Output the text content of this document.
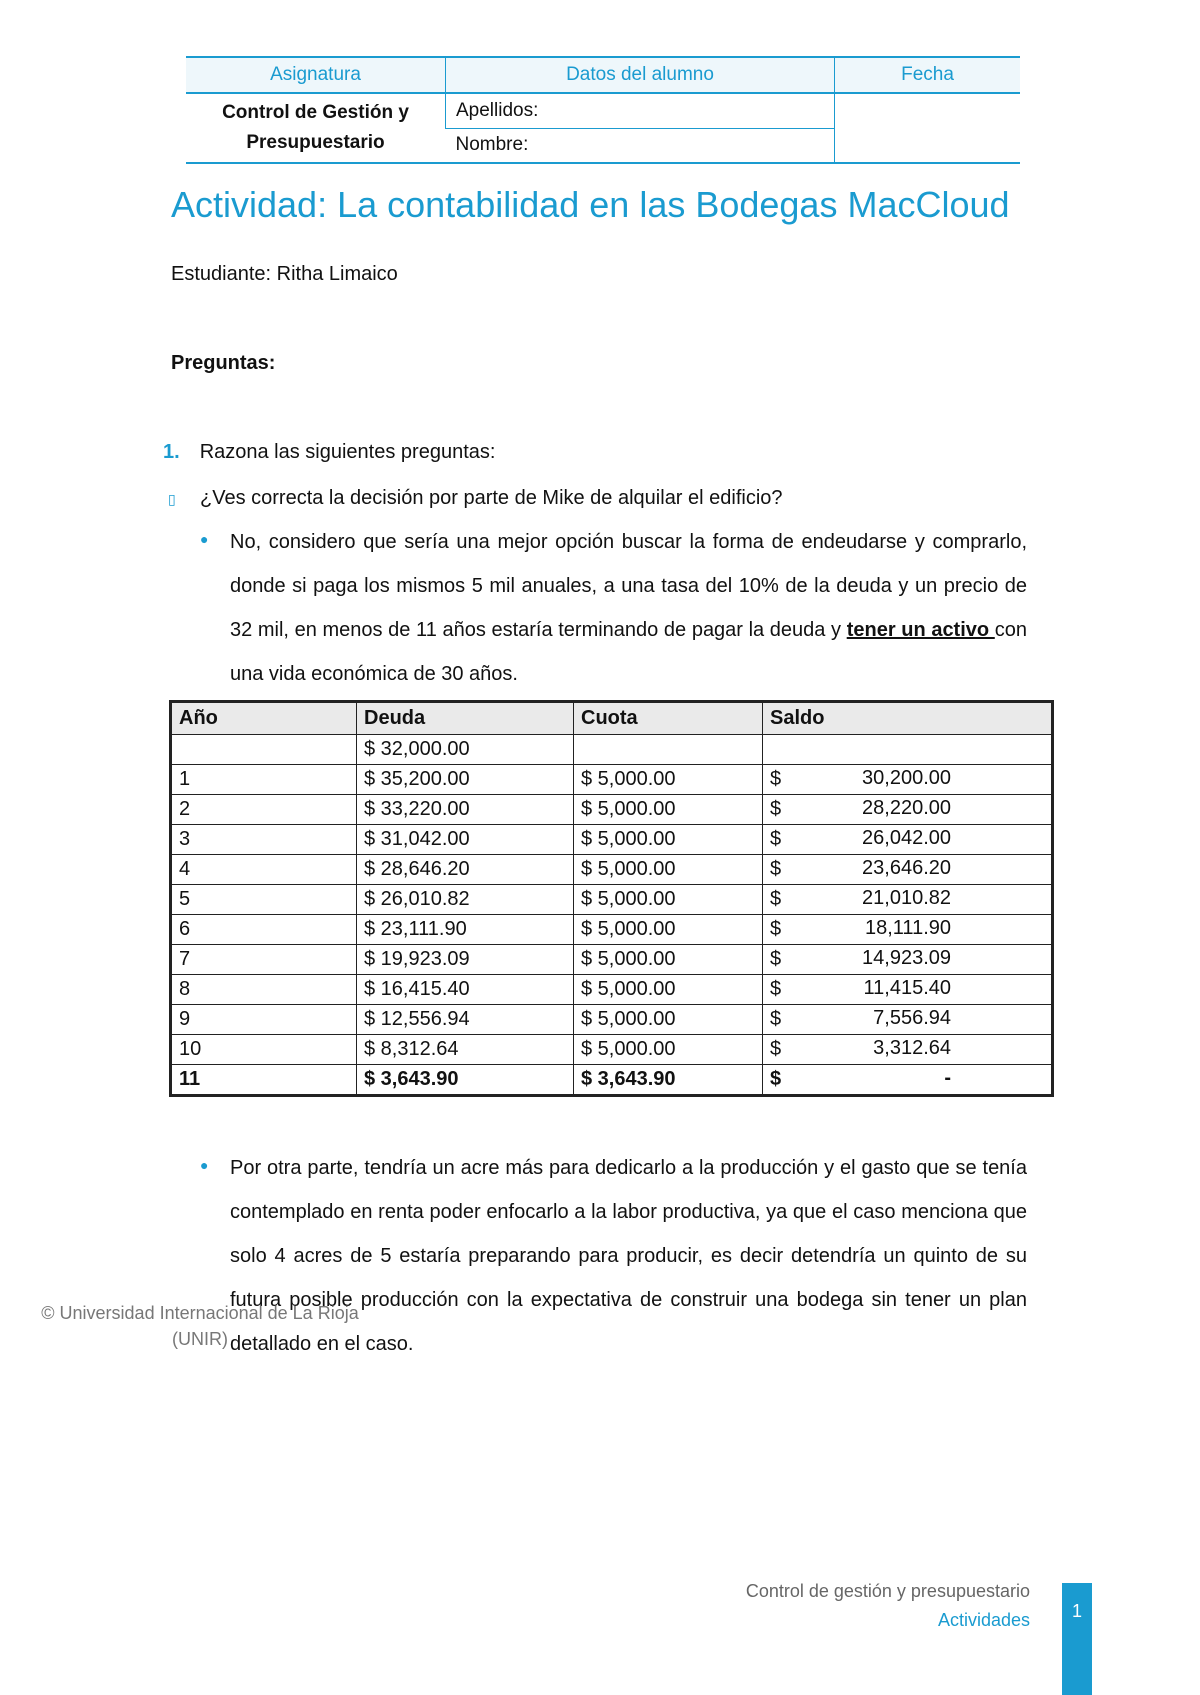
Asignatura	Datos del alumno	Fecha
Control de Gestión y
Presupuestario	Apellidos:	
	Nombre:	
Actividad: La contabilidad en las Bodegas MacCloud
Estudiante: Ritha Limaico
Preguntas:
1. Razona las siguientes preguntas:
▯ ¿Ves correcta la decisión por parte de Mike de alquilar el edificio?
● No, considero que sería una mejor opción buscar la forma de endeudarse y comprarlo, donde si paga los mismos 5 mil anuales, a una tasa del 10% de la deuda y un precio de 32 mil, en menos de 11 años estaría terminando de pagar la deuda y tener un activo con una vida económica de 30 años.

Año	Deuda	Cuota	Saldo
	$ 32,000.00		

1	$ 35,200.00	$ 5,000.00	$ 30,200.00

2	$ 33,220.00	$ 5,000.00	$ 28,220.00

3	$ 31,042.00	$ 5,000.00	$ 26,042.00

4	$ 28,646.20	$ 5,000.00	$ 23,646.20

5	$ 26,010.82	$ 5,000.00	$ 21,010.82

6	$ 23,111.90	$ 5,000.00	$ 18,111.90

7	$ 19,923.09	$ 5,000.00	$ 14,923.09

8	$ 16,415.40	$ 5,000.00	$ 11,415.40

9	$ 12,556.94	$ 5,000.00	$ 7,556.94

10	$ 8,312.64	$ 5,000.00	$ 3,312.64

11	$ 3,643.90	$ 3,643.90	$ -
● Por otra parte, tendría un acre más para dedicarlo a la producción y el gasto que se tenía contemplado en renta poder enfocarlo a la labor productiva, ya que el caso menciona que solo 4 acres de 5 estaría preparando para producir, es decir detendría un quinto de su futura posible producción con la expectativa de construir una bodega sin tener un plan detallado en el caso.

© Universidad Internacional de La Rioja
(UNIR)
Control de gestión y presupuestario
Actividades	1
